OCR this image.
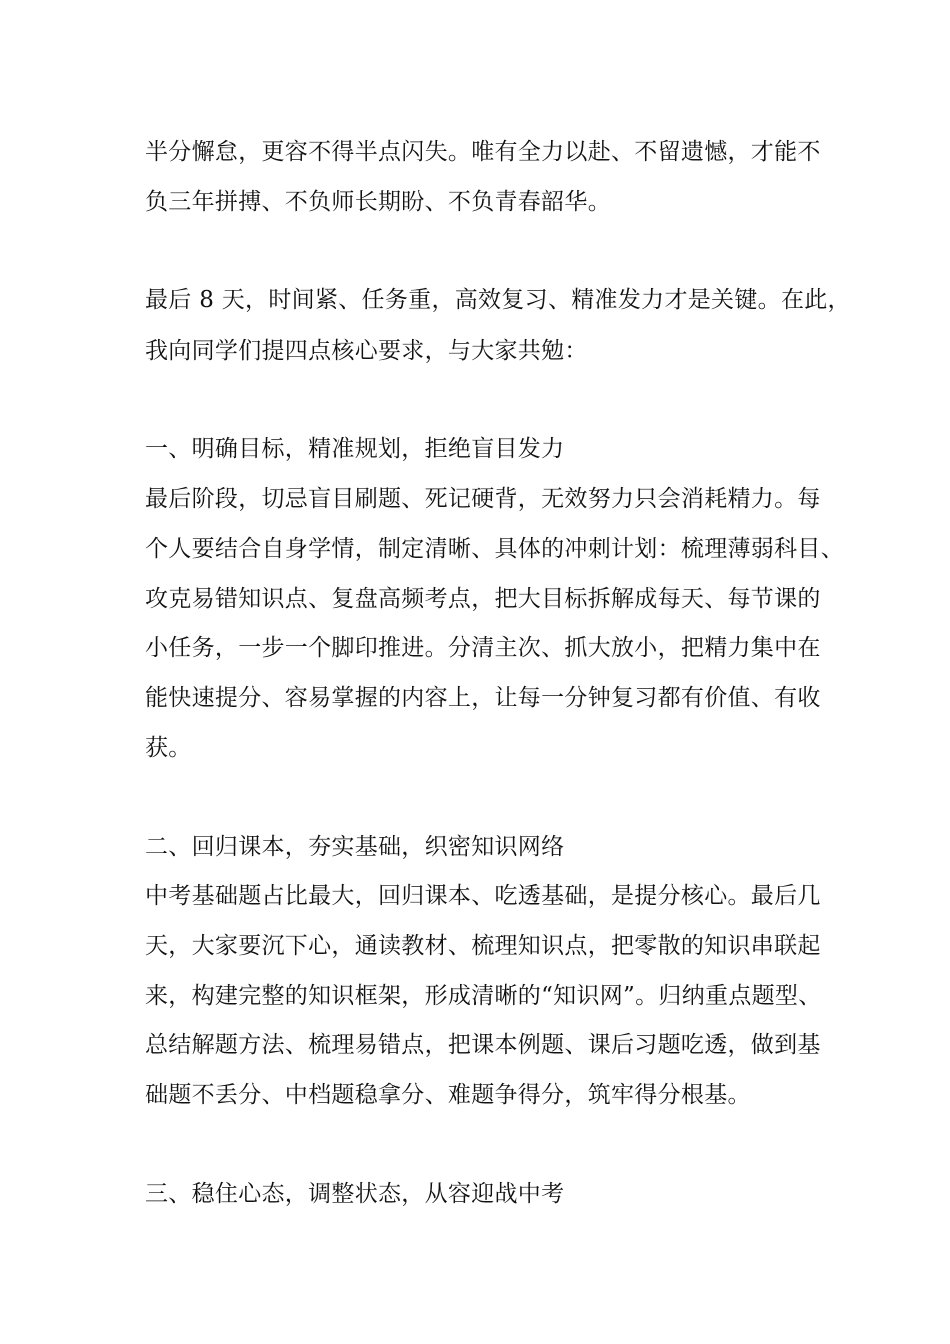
半分懈怠，更容不得半点闪失。唯有全力以赴、不留遗憾，才能不
负三年拼搏、不负师长期盼、不负青春韶华。
最后 8 天，时间紧、任务重，高效复习、精准发力才是关键。在此，
我向同学们提四点核心要求，与大家共勉：
一、明确目标，精准规划，拒绝盲目发力
最后阶段，切忌盲目刷题、死记硬背，无效努力只会消耗精力。每
个人要结合自身学情，制定清晰、具体的冲刺计划：梳理薄弱科目、
攻克易错知识点、复盘高频考点，把大目标拆解成每天、每节课的
小任务，一步一个脚印推进。分清主次、抓大放小，把精力集中在
能快速提分、容易掌握的内容上，让每一分钟复习都有价值、有收
获。
二、回归课本，夯实基础，织密知识网络
中考基础题占比最大，回归课本、吃透基础，是提分核心。最后几
天，大家要沉下心，通读教材、梳理知识点，把零散的知识串联起
来，构建完整的知识框架，形成清晰的“知识网”。归纳重点题型、
总结解题方法、梳理易错点，把课本例题、课后习题吃透，做到基
础题不丢分、中档题稳拿分、难题争得分，筑牢得分根基。
三、稳住心态，调整状态，从容迎战中考
